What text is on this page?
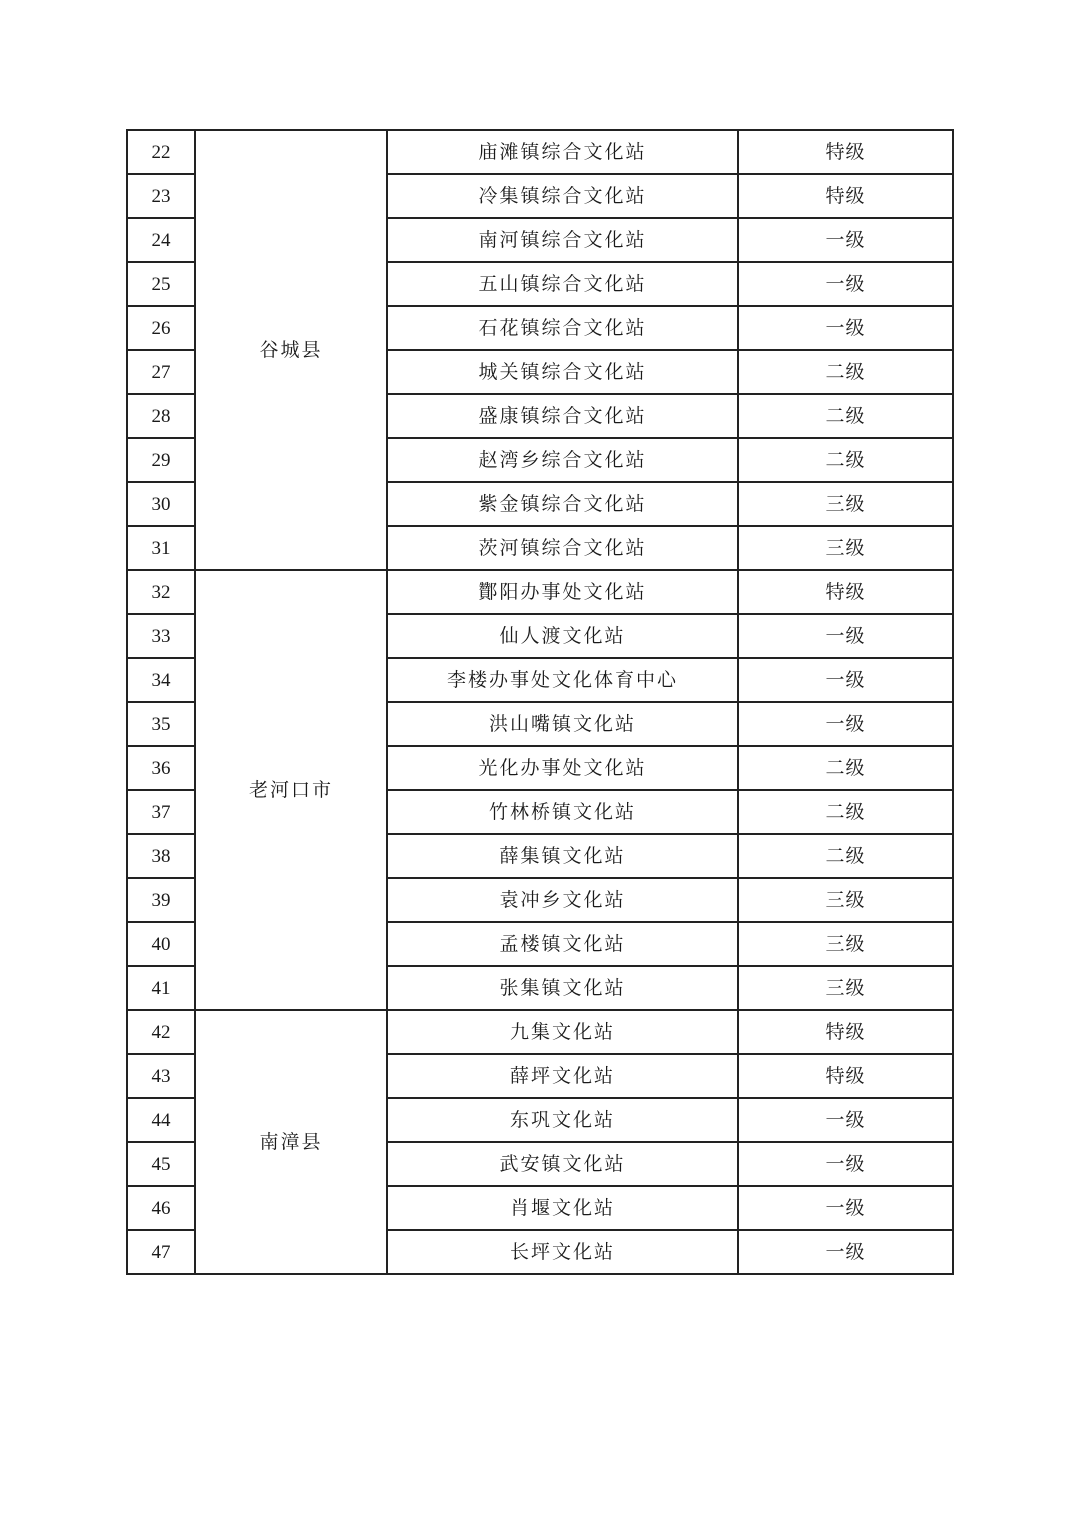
22	谷城县	庙滩镇综合文化站	特级
23		冷集镇综合文化站	特级
24		南河镇综合文化站	一级
25		五山镇综合文化站	一级
26		石花镇综合文化站	一级
27		城关镇综合文化站	二级
28		盛康镇综合文化站	二级
29		赵湾乡综合文化站	二级
30		紫金镇综合文化站	三级
31		茨河镇综合文化站	三级
32	老河口市	酇阳办事处文化站	特级
33		仙人渡文化站	一级
34		李楼办事处文化体育中心	一级
35		洪山嘴镇文化站	一级
36		光化办事处文化站	二级
37		竹林桥镇文化站	二级
38		薛集镇文化站	二级
39		袁冲乡文化站	三级
40		孟楼镇文化站	三级
41		张集镇文化站	三级
42	南漳县	九集文化站	特级
43		薛坪文化站	特级
44		东巩文化站	一级
45		武安镇文化站	一级
46		肖堰文化站	一级
47		长坪文化站	一级
